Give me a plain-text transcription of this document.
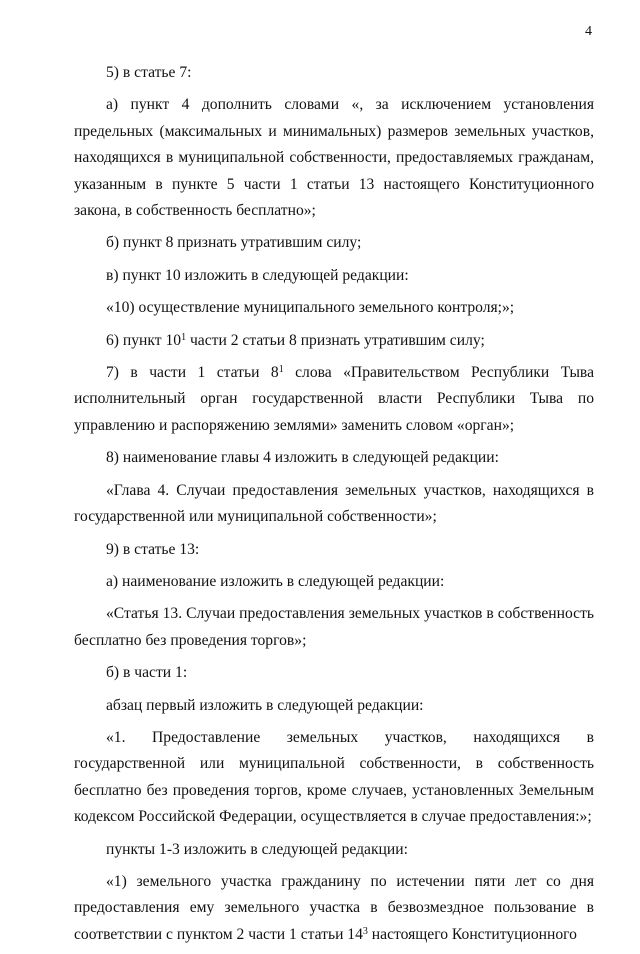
4

5) в статье 7:

а) пункт 4 дополнить словами «, за исключением установления предельных (максимальных и минимальных) размеров земельных участков, находящихся в муниципальной собственности, предоставляемых гражданам, указанным в пункте 5 части 1 статьи 13 настоящего Конституционного закона, в собственность бесплатно»;

б) пункт 8 признать утратившим силу;

в) пункт 10 изложить в следующей редакции:

«10) осуществление муниципального земельного контроля;»;

6) пункт $10^1$ части 2 статьи 8 признать утратившим силу;

7) в части 1 статьи $8^1$ слова «Правительством Республики Тыва исполнительный орган государственной власти Республики Тыва по управлению и распоряжению землями» заменить словом «орган»;

8) наименование главы 4 изложить в следующей редакции:

«Глава 4. Случаи предоставления земельных участков, находящихся в государственной или муниципальной собственности»;

9) в статье 13:

а) наименование изложить в следующей редакции:

«Статья 13. Случаи предоставления земельных участков в собственность бесплатно без проведения торгов»;

б) в части 1:

абзац первый изложить в следующей редакции:

«1. Предоставление земельных участков, находящихся в государственной или муниципальной собственности, в собственность бесплатно без проведения торгов, кроме случаев, установленных Земельным кодексом Российской Федерации, осуществляется в случае предоставления:»;

пункты 1-3 изложить в следующей редакции:

«1) земельного участка гражданину по истечении пяти лет со дня предоставления ему земельного участка в безвозмездное пользование в соответствии с пунктом 2 части 1 статьи $14^3$ настоящего Конституционного
